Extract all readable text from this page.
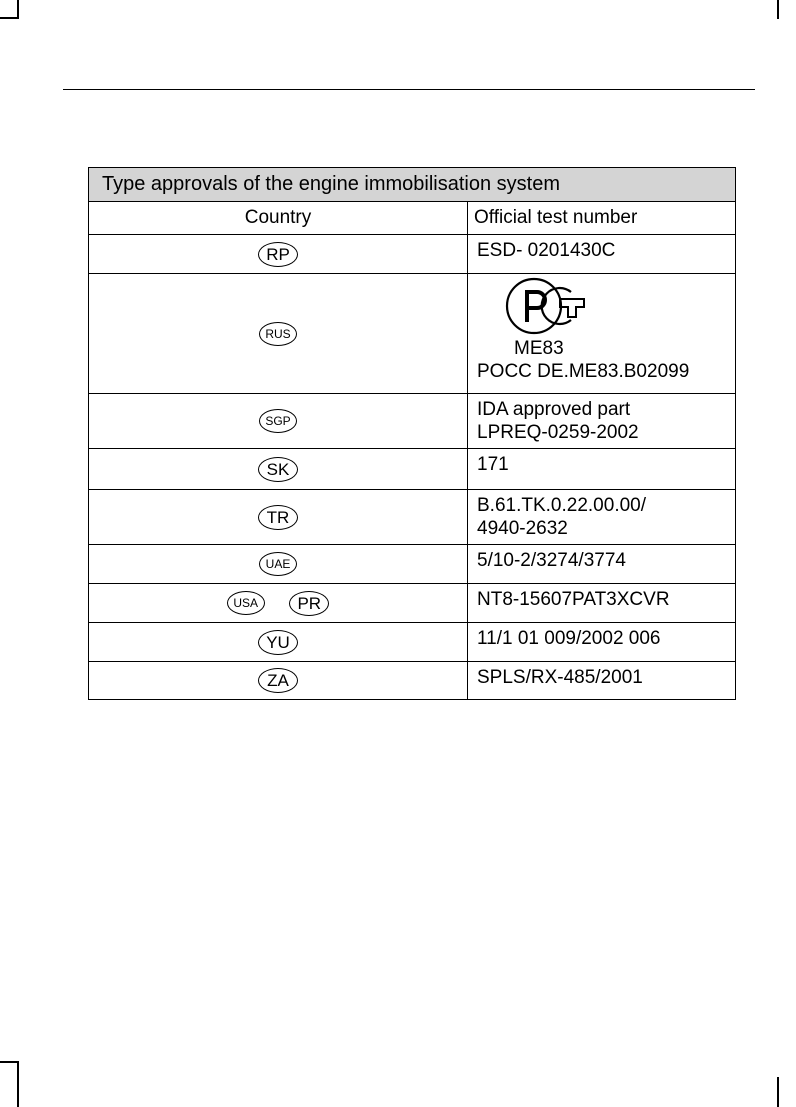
Type approvals of the engine immobilisation system	
Country	Official test number
RP	ESD- 0201430C
RUS	ME83
POCC DE.ME83.B02099
SGP	IDA approved part
LPREQ-0259-2002
SK	171
TR	B.61.TK.0.22.00.00/
4940-2632
UAE	5/10-2/3274/3774
USA PR	NT8-15607PAT3XCVR
YU	11/1 01 009/2002 006
ZA	SPLS/RX-485/2001
